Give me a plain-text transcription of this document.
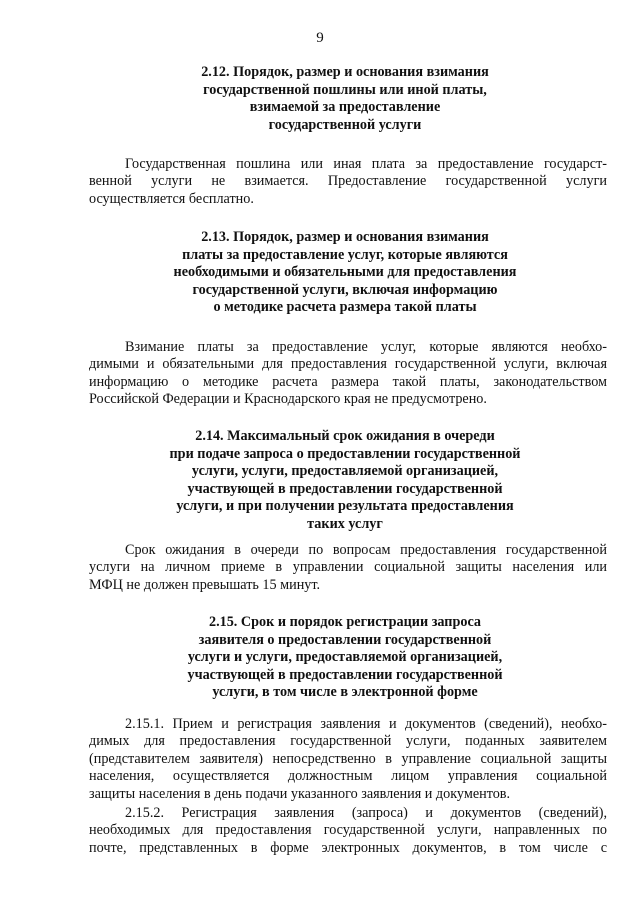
9
2.12. Порядок, размер и основания взимания
государственной пошлины или иной платы,
взимаемой за предоставление
государственной услуги
Государственная пошлина или иная плата за предоставление государст-
венной услуги не взимается. Предоставление государственной услуги
осуществляется бесплатно.
2.13. Порядок, размер и основания взимания
платы за предоставление услуг, которые являются
необходимыми и обязательными для предоставления
государственной услуги, включая информацию
о методике расчета размера такой платы
Взимание платы за предоставление услуг, которые являются необхо-
димыми и обязательными для предоставления государственной услуги, включая
информацию о методике расчета размера такой платы, законодательством
Российской Федерации и Краснодарского края не предусмотрено.
2.14. Максимальный срок ожидания в очереди
при подаче запроса о предоставлении государственной
услуги, услуги, предоставляемой организацией,
участвующей в предоставлении государственной
услуги, и при получении результата предоставления
таких услуг
Срок ожидания в очереди по вопросам предоставления государственной
услуги на личном приеме в управлении социальной защиты населения или
МФЦ не должен превышать 15 минут.
2.15. Срок и порядок регистрации запроса
заявителя о предоставлении государственной
услуги и услуги, предоставляемой организацией,
участвующей в предоставлении государственной
услуги, в том числе в электронной форме
2.15.1. Прием и регистрация заявления и документов (сведений), необхо-
димых для предоставления государственной услуги, поданных заявителем
(представителем заявителя) непосредственно в управление социальной защиты
населения, осуществляется должностным лицом управления социальной
защиты населения в день подачи указанного заявления и документов.
2.15.2. Регистрация заявления (запроса) и документов (сведений),
необходимых для предоставления государственной услуги, направленных по
почте, представленных в форме электронных документов, в том числе с
